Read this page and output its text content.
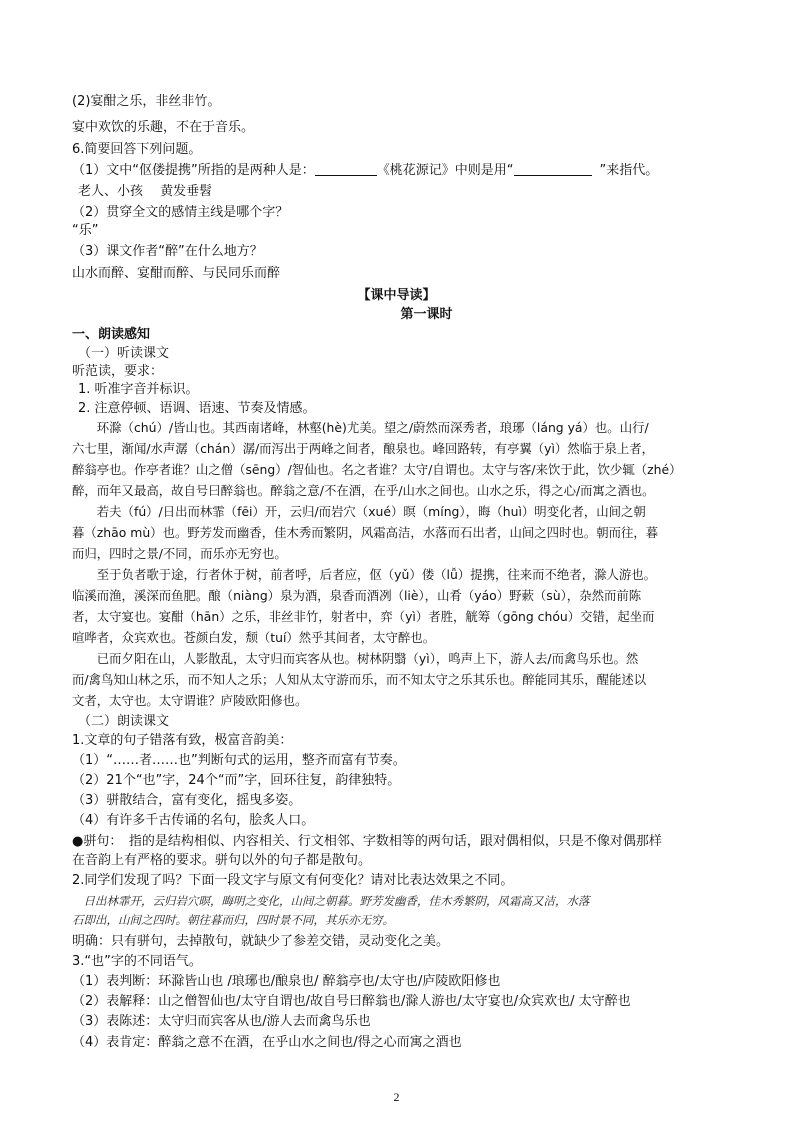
(2)宴酣之乐，非丝非竹。
宴中欢饮的乐趣，不在于音乐。
6.简要回答下列问题。
（1）文中“伛偻提携”所指的是两种人是：	《桃花源记》中则是用“	”来指代。
老人、小孩　 黄发垂髫
（2）贯穿全文的感情主线是哪个字？
“乐”
（3）课文作者“醉”在什么地方？
山水而醉、宴酣而醉、与民同乐而醉
【课中导读】
第一课时
一、朗读感知
（一）听读课文
听范读，要求：
1. 听准字音并标识。
2. 注意停顿、语调、语速、节奏及情感。
　　环滁（chú）/皆山也。其西南诸峰，林壑(hè)尤美。望之/蔚然而深秀者，琅琊（láng yá）也。山行/
六七里，渐闻/水声潺（chán）潺/而泻出于两峰之间者，酿泉也。峰回路转，有亭翼（yì）然临于泉上者，
醉翁亭也。作亭者谁？山之僧（sēng）/智仙也。名之者谁？太守/自谓也。太守与客/来饮于此，饮少辄（zhé）
醉，而年又最高，故自号曰醉翁也。醉翁之意/不在酒，在乎/山水之间也。山水之乐，得之心/而寓之酒也。
　　若夫（fú）/日出而林霏（fēi）开，云归/而岩穴（xué）暝（míng），晦（huì）明变化者，山间之朝
暮（zhāo mù）也。野芳发而幽香，佳木秀而繁阴，风霜高洁，水落而石出者，山间之四时也。朝而往，暮
而归，四时之景/不同，而乐亦无穷也。
　　至于负者歌于途，行者休于树，前者呼，后者应，伛（yǔ）偻（lǚ）提携，往来而不绝者，滁人游也。
临溪而渔，溪深而鱼肥。酿（niàng）泉为酒，泉香而酒冽（liè），山肴（yáo）野蔌（sù），杂然而前陈
者，太守宴也。宴酣（hān）之乐，非丝非竹，射者中，弈（yì）者胜，觥筹（gōng chóu）交错，起坐而
喧哗者，众宾欢也。苍颜白发，颓（tuí）然乎其间者，太守醉也。
　　已而夕阳在山，人影散乱，太守归而宾客从也。树林阴翳（yì），鸣声上下，游人去/而禽鸟乐也。然
而/禽鸟知山林之乐，而不知人之乐；人知从太守游而乐，而不知太守之乐其乐也。醉能同其乐，醒能述以
文者，太守也。太守谓谁？庐陵欧阳修也。
（二）朗读课文
1.文章的句子错落有致，极富音韵美：
（1）“……者……也”判断句式的运用，整齐而富有节奏。
（2）21个“也”字，24个“而”字，回环往复，韵律独特。
（3）骈散结合，富有变化，摇曳多姿。
（4）有许多千古传诵的名句，脍炙人口。
●骈句：　指的是结构相似、内容相关、行文相邻、字数相等的两句话，跟对偶相似，只是不像对偶那样
在音韵上有严格的要求。骈句以外的句子都是散句。
2.同学们发现了吗？下面一段文字与原文有何变化？请对比表达效果之不同。
　日出林霏开，云归岩穴暝，晦明之变化，山间之朝暮。野芳发幽香，佳木秀繁阴，风霜高又洁，水落
石即出，山间之四时。朝往暮而归，四时景不同，其乐亦无穷。
明确：只有骈句，去掉散句，就缺少了参差交错，灵动变化之美。
3.“也”字的不同语气。
（1）表判断：环滁皆山也 /琅琊也/酿泉也/ 醉翁亭也/太守也/庐陵欧阳修也
（2）表解释：山之僧智仙也/太守自谓也/故自号曰醉翁也/滁人游也/太守宴也/众宾欢也/ 太守醉也
（3）表陈述：太守归而宾客从也/游人去而禽鸟乐也
（4）表肯定：醉翁之意不在酒，在乎山水之间也/得之心而寓之酒也
2
